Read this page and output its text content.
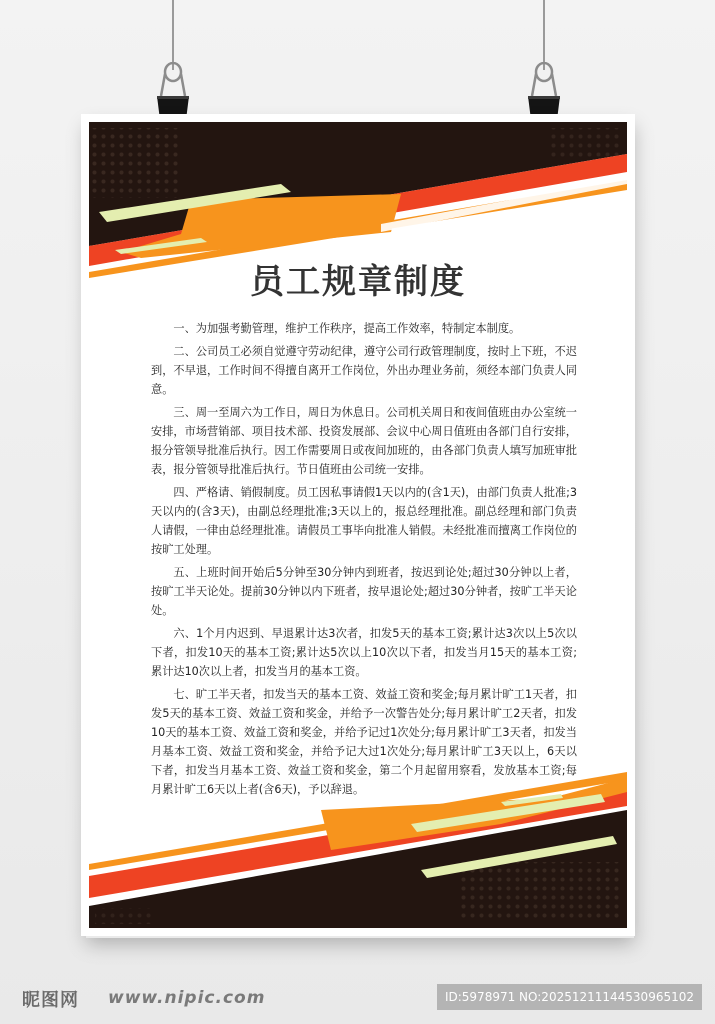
员工规章制度

一、为加强考勤管理，维护工作秩序，提高工作效率，特制定本制度。

二、公司员工必须自觉遵守劳动纪律，遵守公司行政管理制度，按时上下班，不迟到，不早退，工作时间不得擅自离开工作岗位，外出办理业务前，须经本部门负责人同意。

三、周一至周六为工作日，周日为休息日。公司机关周日和夜间值班由办公室统一安排，市场营销部、项目技术部、投资发展部、会议中心周日值班由各部门自行安排，报分管领导批准后执行。因工作需要周日或夜间加班的，由各部门负责人填写加班审批表，报分管领导批准后执行。节日值班由公司统一安排。

四、严格请、销假制度。员工因私事请假1天以内的(含1天)，由部门负责人批准;3天以内的(含3天)，由副总经理批准;3天以上的，报总经理批准。副总经理和部门负责人请假，一律由总经理批准。请假员工事毕向批准人销假。未经批准而擅离工作岗位的按旷工处理。

五、上班时间开始后5分钟至30分钟内到班者，按迟到论处;超过30分钟以上者，按旷工半天论处。提前30分钟以内下班者，按早退论处;超过30分钟者，按旷工半天论处。

六、1个月内迟到、早退累计达3次者，扣发5天的基本工资;累计达3次以上5次以下者，扣发10天的基本工资;累计达5次以上10次以下者，扣发当月15天的基本工资;累计达10次以上者，扣发当月的基本工资。

七、旷工半天者，扣发当天的基本工资、效益工资和奖金;每月累计旷工1天者，扣发5天的基本工资、效益工资和奖金，并给予一次警告处分;每月累计旷工2天者，扣发10天的基本工资、效益工资和奖金，并给予记过1次处分;每月累计旷工3天者，扣发当月基本工资、效益工资和奖金，并给予记大过1次处分;每月累计旷工3天以上，6天以下者，扣发当月基本工资、效益工资和奖金，第二个月起留用察看，发放基本工资;每月累计旷工6天以上者(含6天)，予以辞退。

昵图网 www.nipic.com	ID:5978971 NO:20251211144530965102
